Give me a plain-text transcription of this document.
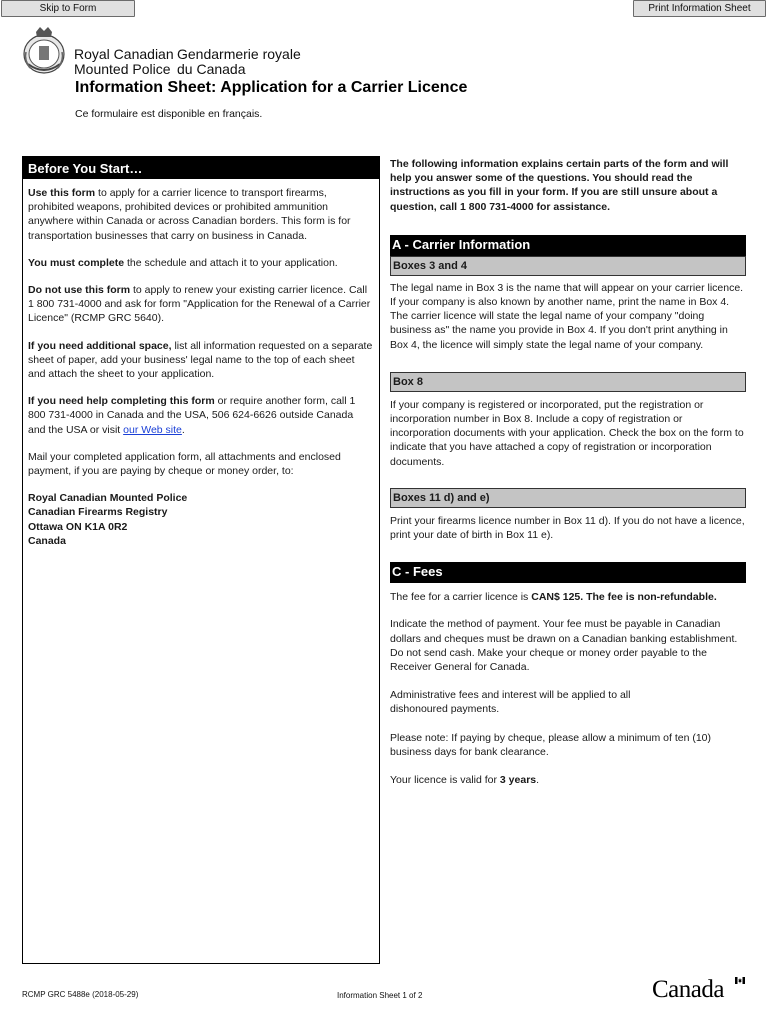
Skip to Form	Print Information Sheet
Royal Canadian
Mounted Police
Gendarmerie royale
du Canada
Information Sheet: Application for a Carrier Licence
Ce formulaire est disponible en français.
Before You Start…

Use this form to apply for a carrier licence to transport firearms, prohibited weapons, prohibited devices or prohibited ammunition anywhere within Canada or across Canadian borders. This form is for transportation businesses that carry on business in Canada.

You must complete the schedule and attach it to your application.

Do not use this form to apply to renew your existing carrier licence. Call 1 800 731-4000 and ask for form "Application for the Renewal of a Carrier Licence" (RCMP GRC 5640).

If you need additional space, list all information requested on a separate sheet of paper, add your business' legal name to the top of each sheet and attach the sheet to your application.

If you need help completing this form or require another form, call 1 800 731-4000 in Canada and the USA, 506 624-6626 outside Canada and the USA or visit our Web site.

Mail your completed application form, all attachments and enclosed payment, if you are paying by cheque or money order, to:

Royal Canadian Mounted Police
Canadian Firearms Registry
Ottawa ON K1A 0R2
Canada

The following information explains certain parts of the form and will help you answer some of the questions. You should read the instructions as you fill in your form. If you are still unsure about a question, call 1 800 731-4000 for assistance.

A - Carrier Information
Boxes 3 and 4

The legal name in Box 3 is the name that will appear on your carrier licence. If your company is also known by another name, print the name in Box 4. The carrier licence will state the legal name of your company "doing business as" the name you provide in Box 4. If you don't print anything in Box 4, the licence will simply state the legal name of your company.

Box 8

If your company is registered or incorporated, put the registration or incorporation number in Box 8. Include a copy of registration or incorporation documents with your application. Check the box on the form to indicate that you have attached a copy of registration or incorporation documents.

Boxes 11 d) and e)

Print your firearms licence number in Box 11 d). If you do not have a licence, print your date of birth in Box 11 e).

C - Fees

The fee for a carrier licence is CAN$ 125. The fee is non-refundable.

Indicate the method of payment. Your fee must be payable in Canadian dollars and cheques must be drawn on a Canadian banking establishment. Do not send cash. Make your cheque or money order payable to the Receiver General for Canada.

Administrative fees and interest will be applied to all
dishonoured payments.

Please note: If paying by cheque, please allow a minimum of ten (10) business days for bank clearance.

Your licence is valid for 3 years.

RCMP GRC 5488e (2018-05-29)	Information Sheet 1 of 2	Canada
